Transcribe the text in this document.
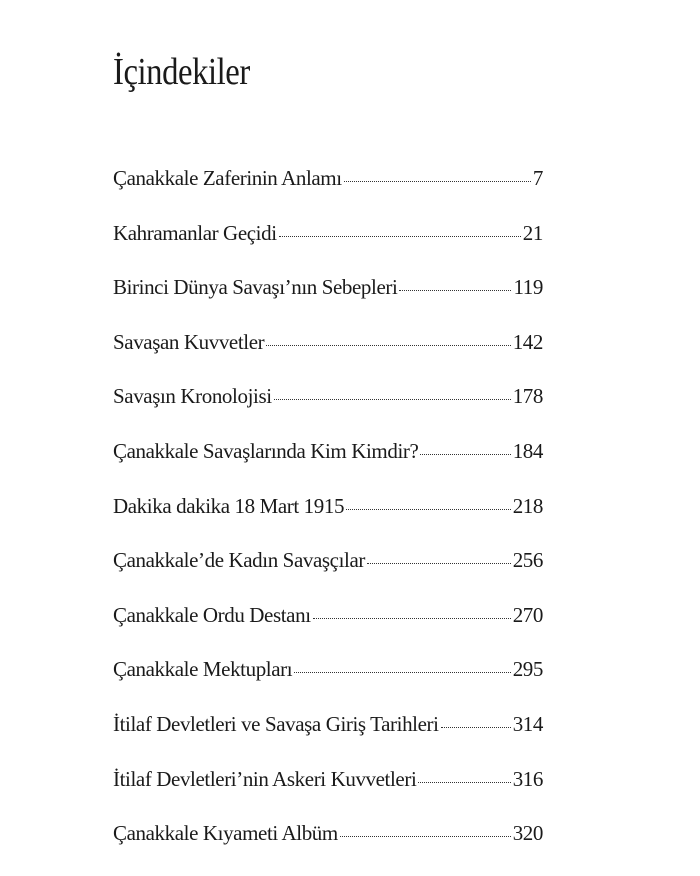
İçindekiler
Çanakkale Zaferinin Anlamı	7
Kahramanlar Geçidi	21
Birinci Dünya Savaşı’nın Sebepleri	119
Savaşan Kuvvetler	142
Savaşın Kronolojisi	178
Çanakkale Savaşlarında Kim Kimdir?	184
Dakika dakika 18 Mart 1915	218
Çanakkale’de Kadın Savaşçılar	256
Çanakkale Ordu Destanı	270
Çanakkale Mektupları	295
İtilaf Devletleri ve Savaşa Giriş Tarihleri	314
İtilaf Devletleri’nin Askeri Kuvvetleri	316
Çanakkale Kıyameti Albüm	320
